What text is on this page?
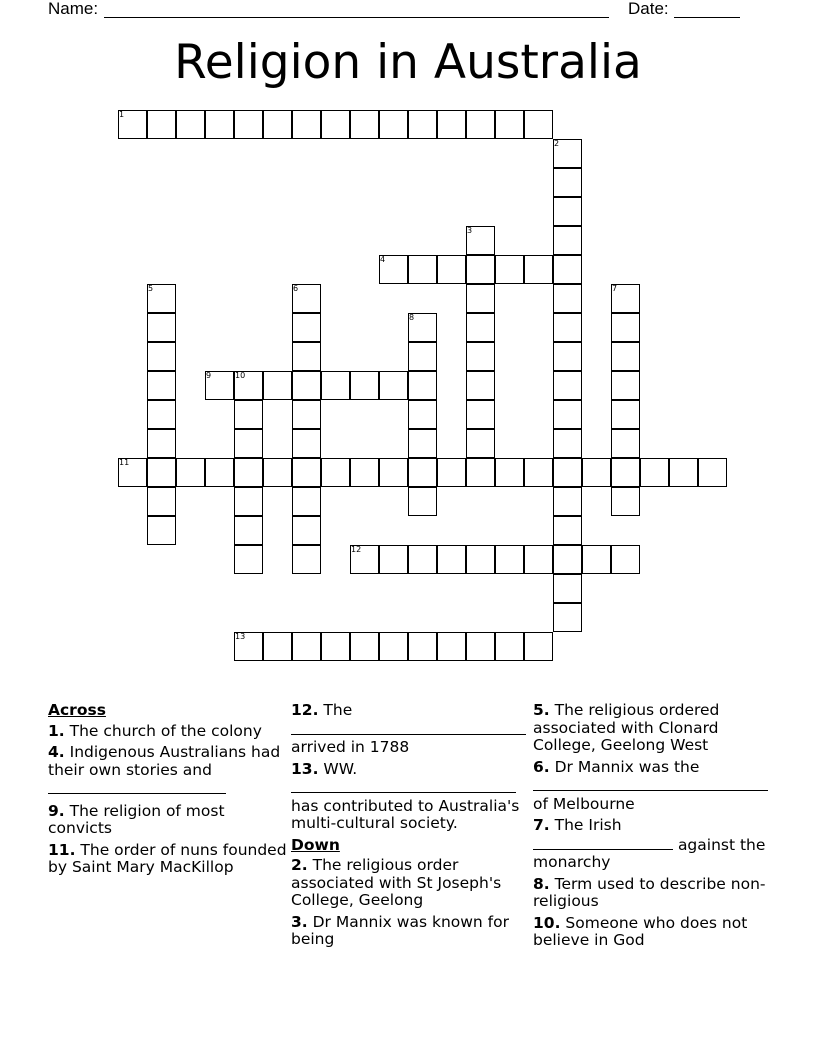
Name:	Date:
Religion in Australia
1
2
3
4
5	6	7
8
9	10
11
12
13
Across

1. The church of the colony

4. Indigenous Australians had their own stories and

9. The religion of most convicts

11. The order of nuns founded by Saint Mary MacKillop

12. The

arrived in 1788

13. WW.

has contributed to Australia's multi-cultural society.

Down

2. The religious order associated with St Joseph's College, Geelong

3. Dr Mannix was known for being

5. The religious ordered associated with Clonard College, Geelong West

6. Dr Mannix was the

of Melbourne

7. The Irish
against the monarchy

8. Term used to describe non-religious

10. Someone who does not believe in God
